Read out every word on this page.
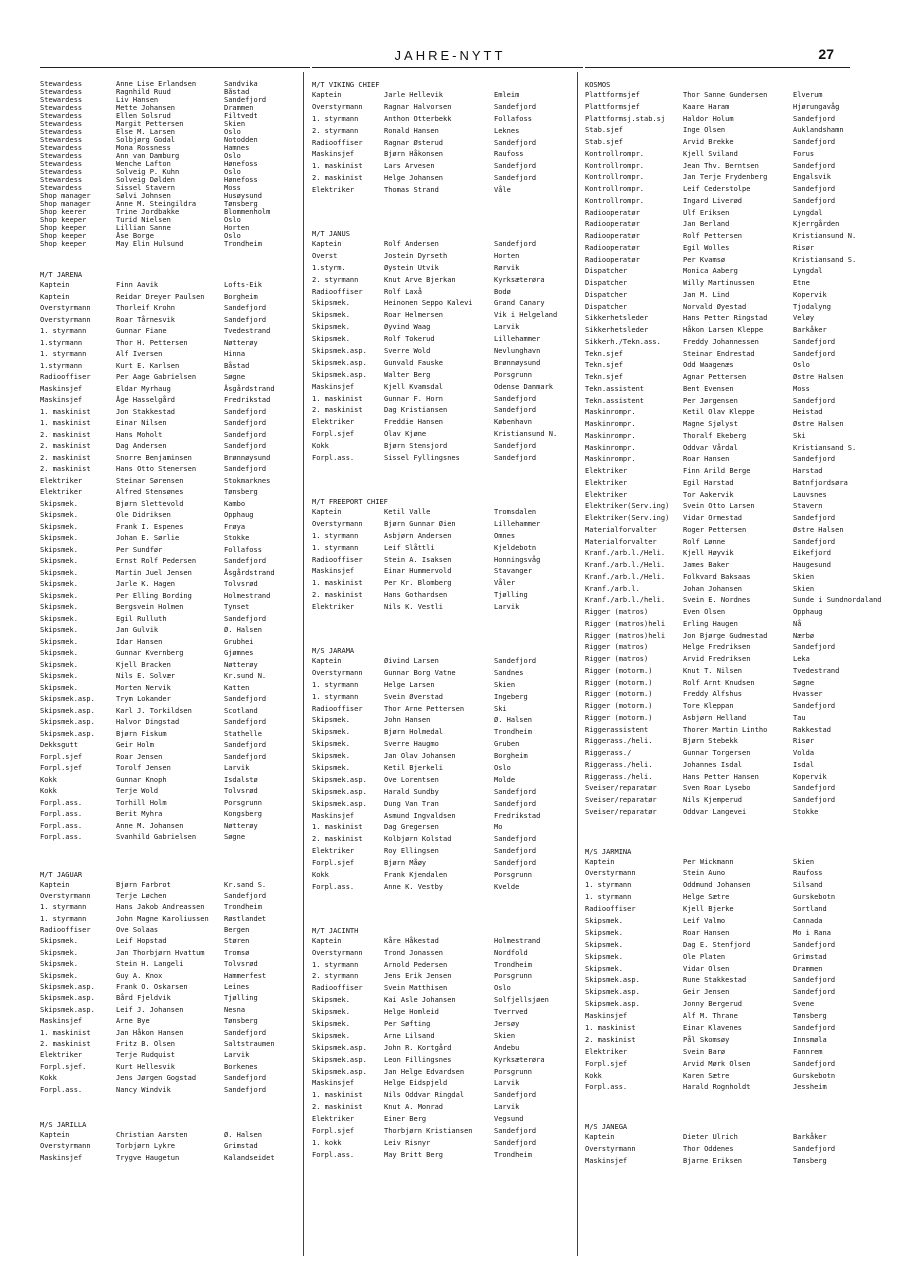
JAHRE-NYTT	27
Stewardess	Anne Lise Erlandsen	Sandvika
Stewardess	Ragnhild Ruud	Båstad
Stewardess	Liv Hansen	Sandefjord
Stewardess	Mette Johansen	Drammen
Stewardess	Ellen Solsrud	Filtvedt
Stewardess	Margit Pettersen	Skien
Stewardess	Else M. Larsen	Oslo
Stewardess	Solbjørg Godal	Notodden
Stewardess	Mona Rossness	Hamnes
Stewardess	Ann van Damburg	Oslo
Stewardess	Wenche Lafton	Hønefoss
Stewardess	Solveig P. Kuhn	Oslo
Stewardess	Solveig Dølden	Hønefoss
Stewardess	Sissel Stavern	Moss
Shop manager	Sølvi Johnsen	Husøysund
Shop manager	Anne M. Steingildra	Tønsberg
Shop keerer	Trine Jordbakke	Blommenholm
Shop keeper	Turid Nielsen	Oslo
Shop keeper	Lillian Sanne	Horten
Shop keeper	Åse Borge	Oslo
Shop keeper	May Elin Hulsund	Trondheim
M/T JARENA
Kaptein	Finn Aavik	Lofts-Eik
Kaptein	Reidar Dreyer Paulsen	Borgheim
Overstyrmann	Thorleif Krohn	Sandefjord
Overstyrmann	Roar Tårnesvik	Sandefjord
1. styrmann	Gunnar Fiane	Tvedestrand
1.styrmann	Thor H. Pettersen	Nøtterøy
1. styrmann	Alf Iversen	Hinna
1.styrmann	Kurt E. Karlsen	Båstad
Radiooffiser	Per Aage Gabrielsen	Søgne
Maskinsjef	Eldar Myrhaug	Åsgårdstrand
Maskinsjef	Åge Hasselgård	Fredrikstad
1. maskinist	Jon Stakkestad	Sandefjord
1. maskinist	Einar Nilsen	Sandefjord
2. maskinist	Hans Moholt	Sandefjord
2. maskinist	Dag Andersen	Sandefjord
2. maskinist	Snorre Benjaminsen	Brønnøysund
2. maskinist	Hans Otto Stenersen	Sandefjord
Elektriker	Steinar Sørensen	Stokmarknes
Elektriker	Alfred Stensønes	Tønsberg
Skipsmek.	Bjørn Slettevold	Kambo
Skipsmek.	Ole Didriksen	Opphaug
Skipsmek.	Frank I. Espenes	Frøya
Skipsmek.	Johan E. Sørlie	Stokke
Skipsmek.	Per Sundfør	Follafoss
Skipsmek.	Ernst Rolf Pedersen	Sandefjord
Skipsmek.	Martin Juel Jensen	Åsgårdstrand
Skipsmek.	Jarle K. Hagen	Tolvsrød
Skipsmek.	Per Elling Bording	Holmestrand
Skipsmek.	Bergsvein Holmen	Tynset
Skipsmek.	Egil Rulluth	Sandefjord
Skipsmek.	Jan Gulvik	Ø. Halsen
Skipsmek.	Idar Hansen	Grubhei
Skipsmek.	Gunnar Kvernberg	Gjømnes
Skipsmek.	Kjell Bracken	Nøtterøy
Skipsmek.	Nils E. Solvær	Kr.sund N.
Skipsmek.	Morten Nervik	Katten
Skipsmek.asp.	Trym Lokander	Sandefjord
Skipsmek.asp.	Karl J. Torkildsen	Scotland
Skipsmek.asp.	Halvor Dingstad	Sandefjord
Skipsmek.asp.	Bjørn Fiskum	Stathelle
Dekksgutt	Geir Holm	Sandefjord
Forpl.sjef	Roar Jensen	Sandefjord
Forpl.sjef	Torolf Jensen	Larvik
Kokk	Gunnar Knoph	Isdalstø
Kokk	Terje Wold	Tolvsrød
Forpl.ass.	Torhill Holm	Porsgrunn
Forpl.ass.	Berit Myhra	Kongsberg
Forpl.ass.	Anne M. Johansen	Nøtterøy
Forpl.ass.	Svanhild Gabrielsen	Søgne
M/T JAGUAR
Kaptein	Bjørn Farbrot	Kr.sand S.
Overstyrmann	Terje Løchen	Sandefjord
1. styrmann	Hans Jakob Andreassen	Trondheim
1. styrmann	John Magne Karoliussen	Røstlandet
Radiooffiser	Ove Solaas	Bergen
Skipsmek.	Leif Hopstad	Støren
Skipsmek.	Jan Thorbjørn Hvattum	Tromsø
Skipsmek.	Stein H. Langeli	Tolvsrød
Skipsmek.	Guy A. Knox	Hammerfest
Skipsmek.asp.	Frank O. Oskarsen	Leines
Skipsmek.asp.	Bård Fjeldvik	Tjølling
Skipsmek.asp.	Leif J. Johansen	Nesna
Maskinsjef	Arne Bye	Tønsberg
1. maskinist	Jan Håkon Hansen	Sandefjord
2. maskinist	Fritz B. Olsen	Saltstraumen
Elektriker	Terje Rudquist	Larvik
Forpl.sjef.	Kurt Hellesvik	Borkenes
Kokk	Jens Jørgen Gogstad	Sandefjord
Forpl.ass.	Nancy Windvik	Sandefjord
M/S JARILLA
Kaptein	Christian Aarsten	Ø. Halsen
Overstyrmann	Torbjørn Lykre	Grimstad
Maskinsjef	Trygve Haugetun	Kalandseidet
M/T VIKING CHIEF
Kaptein	Jarle Hellevik	Emleim
Overstyrmann	Ragnar Halvorsen	Sandefjord
1. styrmann	Anthon Otterbekk	Follafoss
2. styrmann	Ronald Hansen	Leknes
Radiooffiser	Ragnar Østerud	Sandefjord
Maskinsjef	Bjørn Håkonsen	Raufoss
1. maskinist	Lars Arvesen	Sandefjord
2. maskinist	Helge Johansen	Sandefjord
Elektriker	Thomas Strand	Våle
M/T JANUS
Kaptein	Rolf Andersen	Sandefjord
Overst	Jostein Dyrseth	Horten
1.styrm.	Øystein Utvik	Rørvik
2. styrmann	Knut Arve Bjerkan	Kyrksæterøra
Radiooffiser	Rolf Laxå	Bodø
Skipsmek.	Heinonen Seppo Kalevi	Grand Canary
Skipsmek.	Roar Helmersen	Vik i Helgeland
Skipsmek.	Øyvind Waag	Larvik
Skipsmek.	Rolf Tokerud	Lillehammer
Skipsmek.asp.	Sverre Wold	Nevlunghavn
Skipsmek.asp.	Gunvald Fauske	Brønnøysund
Skipsmek.asp.	Walter Berg	Porsgrunn
Maskinsjef	Kjell Kvamsdal	Odense Danmark
1. maskinist	Gunnar F. Horn	Sandefjord
2. maskinist	Dag Kristiansen	Sandefjord
Elektriker	Freddie Hansen	København
Forpl.sjef	Olav Kjøne	Kristiansund N.
Kokk	Bjørn Stensjord	Sandefjord
Forpl.ass.	Sissel Fyllingsnes	Sandefjord
M/T FREEPORT CHIEF
Kaptein	Ketil Valle	Tromsdalen
Overstyrmann	Bjørn Gunnar Øien	Lillehammer
1. styrmann	Asbjørn Andersen	Omnes
1. styrmann	Leif Slåttli	Kjeldebotn
Radiooffiser	Stein A. Isaksen	Honningsvåg
Maskinsjef	Einar Hummervold	Stavanger
1. maskinist	Per Kr. Blomberg	Våler
2. maskinist	Hans Gothardsen	Tjølling
Elektriker	Nils K. Vestli	Larvik
M/S JARAMA
Kaptein	Øivind Larsen	Sandefjord
Overstyrmann	Gunnar Borg Vatne	Sandnes
1. styrmann	Helge Larsen	Skien
1. styrmann	Svein Øverstad	Ingeberg
Radiooffiser	Thor Arne Pettersen	Ski
Skipsmek.	John Hansen	Ø. Halsen
Skipsmek.	Bjørn Holmedal	Trondheim
Skipsmek.	Sverre Haugmo	Gruben
Skipsmek.	Jan Olav Johansen	Borgheim
Skipsmek.	Ketil Bjerkeli	Oslo
Skipsmek.asp.	Ove Lorentsen	Molde
Skipsmek.asp.	Harald Sundby	Sandefjord
Skipsmek.asp.	Dung Van Tran	Sandefjord
Maskinsjef	Asmund Ingvaldsen	Fredrikstad
1. maskinist	Dag Gregersen	Mo
2. maskinist	Kolbjørn Kolstad	Sandefjord
Elektriker	Roy Ellingsen	Sandefjord
Forpl.sjef	Bjørn Måøy	Sandefjord
Kokk	Frank Kjendalen	Porsgrunn
Forpl.ass.	Anne K. Vestby	Kvelde
M/T JACINTH
Kaptein	Kåre Håkestad	Holmestrand
Overstyrmann	Trond Jonassen	Nordfold
1. styrmann	Arnold Pedersen	Trondheim
2. styrmann	Jens Erik Jensen	Porsgrunn
Radiooffiser	Svein Matthisen	Oslo
Skipsmek.	Kai Asle Johansen	Solfjellsjøen
Skipsmek.	Helge Homleid	Tverrved
Skipsmek.	Per Søfting	Jersøy
Skipsmek.	Arne Lilsand	Skien
Skipsmek.asp.	John R. Kortgård	Andebu
Skipsmek.asp.	Leon Fillingsnes	Kyrksæterøra
Skipsmek.asp.	Jan Helge Edvardsen	Porsgrunn
Maskinsjef	Helge Eidspjeld	Larvik
1. maskinist	Nils Oddvar Ringdal	Sandefjord
2. maskinist	Knut A. Monrad	Larvik
Elektriker	Einer Berg	Vegsund
Forpl.sjef	Thorbjørn Kristiansen	Sandefjord
1. kokk	Leiv Risnyr	Sandefjord
Forpl.ass.	May Britt Berg	Trondheim
KOSMOS
Plattformsjef	Thor Sanne Gundersen	Elverum
Plattformsjef	Kaare Haram	Hjørungavåg
Plattformsj.stab.sj	Haldor Holum	Sandefjord
Stab.sjef	Inge Olsen	Auklandshamn
Stab.sjef	Arvid Brekke	Sandefjord
Kontrollrompr.	Kjell Sviland	Forus
Kontrollrompr.	Jean Thv. Berntsen	Sandefjord
Kontrollrompr.	Jan Terje Frydenberg	Engalsvik
Kontrollrompr.	Leif Cederstolpe	Sandefjord
Kontrollrompr.	Ingard Liverød	Sandefjord
Radiooperatør	Ulf Eriksen	Lyngdal
Radiooperatør	Jan Berland	Kjerrgården
Radiooperatør	Rolf Pettersen	Kristiansund N.
Radiooperatør	Egil Wolles	Risør
Radiooperatør	Per Kvamsø	Kristiansand S.
Dispatcher	Monica Aaberg	Lyngdal
Dispatcher	Willy Martinussen	Etne
Dispatcher	Jan M. Lind	Kopervik
Dispatcher	Norvald Øyestad	Tjodalyng
Sikkerhetsleder	Hans Petter Ringstad	Veløy
Sikkerhetsleder	Håkon Larsen Kleppe	Barkåker
Sikkerh./Tekn.ass.	Freddy Johannessen	Sandefjord
Tekn.sjef	Steinar Endrestad	Sandefjord
Tekn.sjef	Odd Waagenæs	Oslo
Tekn.sjef	Agnar Pettersen	Østre Halsen
Tekn.assistent	Bent Evensen	Moss
Tekn.assistent	Per Jørgensen	Sandefjord
Maskinrompr.	Ketil Olav Kleppe	Heistad
Maskinrompr.	Magne Sjølyst	Østre Halsen
Maskinrompr.	Thoralf Ekeberg	Ski
Maskinrompr.	Oddvar Vårdal	Kristiansand S.
Maskinrompr.	Roar Hansen	Sandefjord
Elektriker	Finn Arild Berge	Harstad
Elektriker	Egil Harstad	Batnfjordsøra
Elektriker	Tor Aakervik	Lauvsnes
Elektriker(Serv.ing)	Svein Otto Larsen	Stavern
Elektriker(Serv.ing)	Vidar Ormestad	Sandefjord
Materialforvalter	Roger Pettersen	Østre Halsen
Materialforvalter	Rolf Lønne	Sandefjord
Kranf./arb.l./Heli.	Kjell Høyvik	Eikefjord
Kranf./arb.l./Heli.	James Baker	Haugesund
Kranf./arb.l./Heli.	Folkvard Baksaas	Skien
Kranf./arb.l.	Johan Johansen	Skien
Kranf./arb.l./heli.	Svein E. Nordnes	Sunde i Sundnordaland
Rigger (matros)	Even Olsen	Opphaug
Rigger (matros)heli	Erling Haugen	Nå
Rigger (matros)heli	Jon Bjørge Gudmestad	Nærbø
Rigger (matros)	Helge Fredriksen	Sandefjord
Rigger (matros)	Arvid Fredriksen	Leka
Rigger (motorm.)	Knut T. Nilsen	Tvedestrand
Rigger (motorm.)	Rolf Arnt Knudsen	Søgne
Rigger (motorm.)	Freddy Alfshus	Hvasser
Rigger (motorm.)	Tore Kleppan	Sandefjord
Rigger (motorm.)	Asbjørn Helland	Tau
Riggerassistent	Thorer Martin Lintho	Rakkestad
Riggerass./heli.	Bjørn Stebekk	Risør
Riggerass./	Gunnar Torgersen	Volda
Riggerass./heli.	Johannes Isdal	Isdal
Riggerass./heli.	Hans Petter Hansen	Kopervik
Sveiser/reparatør	Sven Roar Lysebo	Sandefjord
Sveiser/reparatør	Nils Kjemperud	Sandefjord
Sveiser/reparatør	Oddvar Langevei	Stokke
M/S JARMINA
Kaptein	Per Wickmann	Skien
Overstyrmann	Stein Auno	Raufoss
1. styrmann	Oddmund Johansen	Silsand
1. styrmann	Helge Sætre	Gurskebotn
Radiooffiser	Kjell Bjerke	Sortland
Skipsmek.	Leif Valmo	Cannada
Skipsmek.	Roar Hansen	Mo i Rana
Skipsmek.	Dag E. Stenfjord	Sandefjord
Skipsmek.	Ole Platen	Grimstad
Skipsmek.	Vidar Olsen	Drammen
Skipsmek.asp.	Rune Stakkestad	Sandefjord
Skipsmek.asp.	Geir Jensen	Sandefjord
Skipsmek.asp.	Jonny Bergerud	Svene
Maskinsjef	Alf M. Thrane	Tønsberg
1. maskinist	Einar Klavenes	Sandefjord
2. maskinist	Pål Skomsøy	Innsmøla
Elektriker	Svein Barø	Fannrem
Forpl.sjef	Arvid Mørk Olsen	Sandefjord
Kokk	Karen Sætre	Gurskebotn
Forpl.ass.	Harald Rognholdt	Jessheim
M/S JANEGA
Kaptein	Dieter Ulrich	Barkåker
Overstyrmann	Thor Oddenes	Sandefjord
Maskinsjef	Bjarne Eriksen	Tønsberg
